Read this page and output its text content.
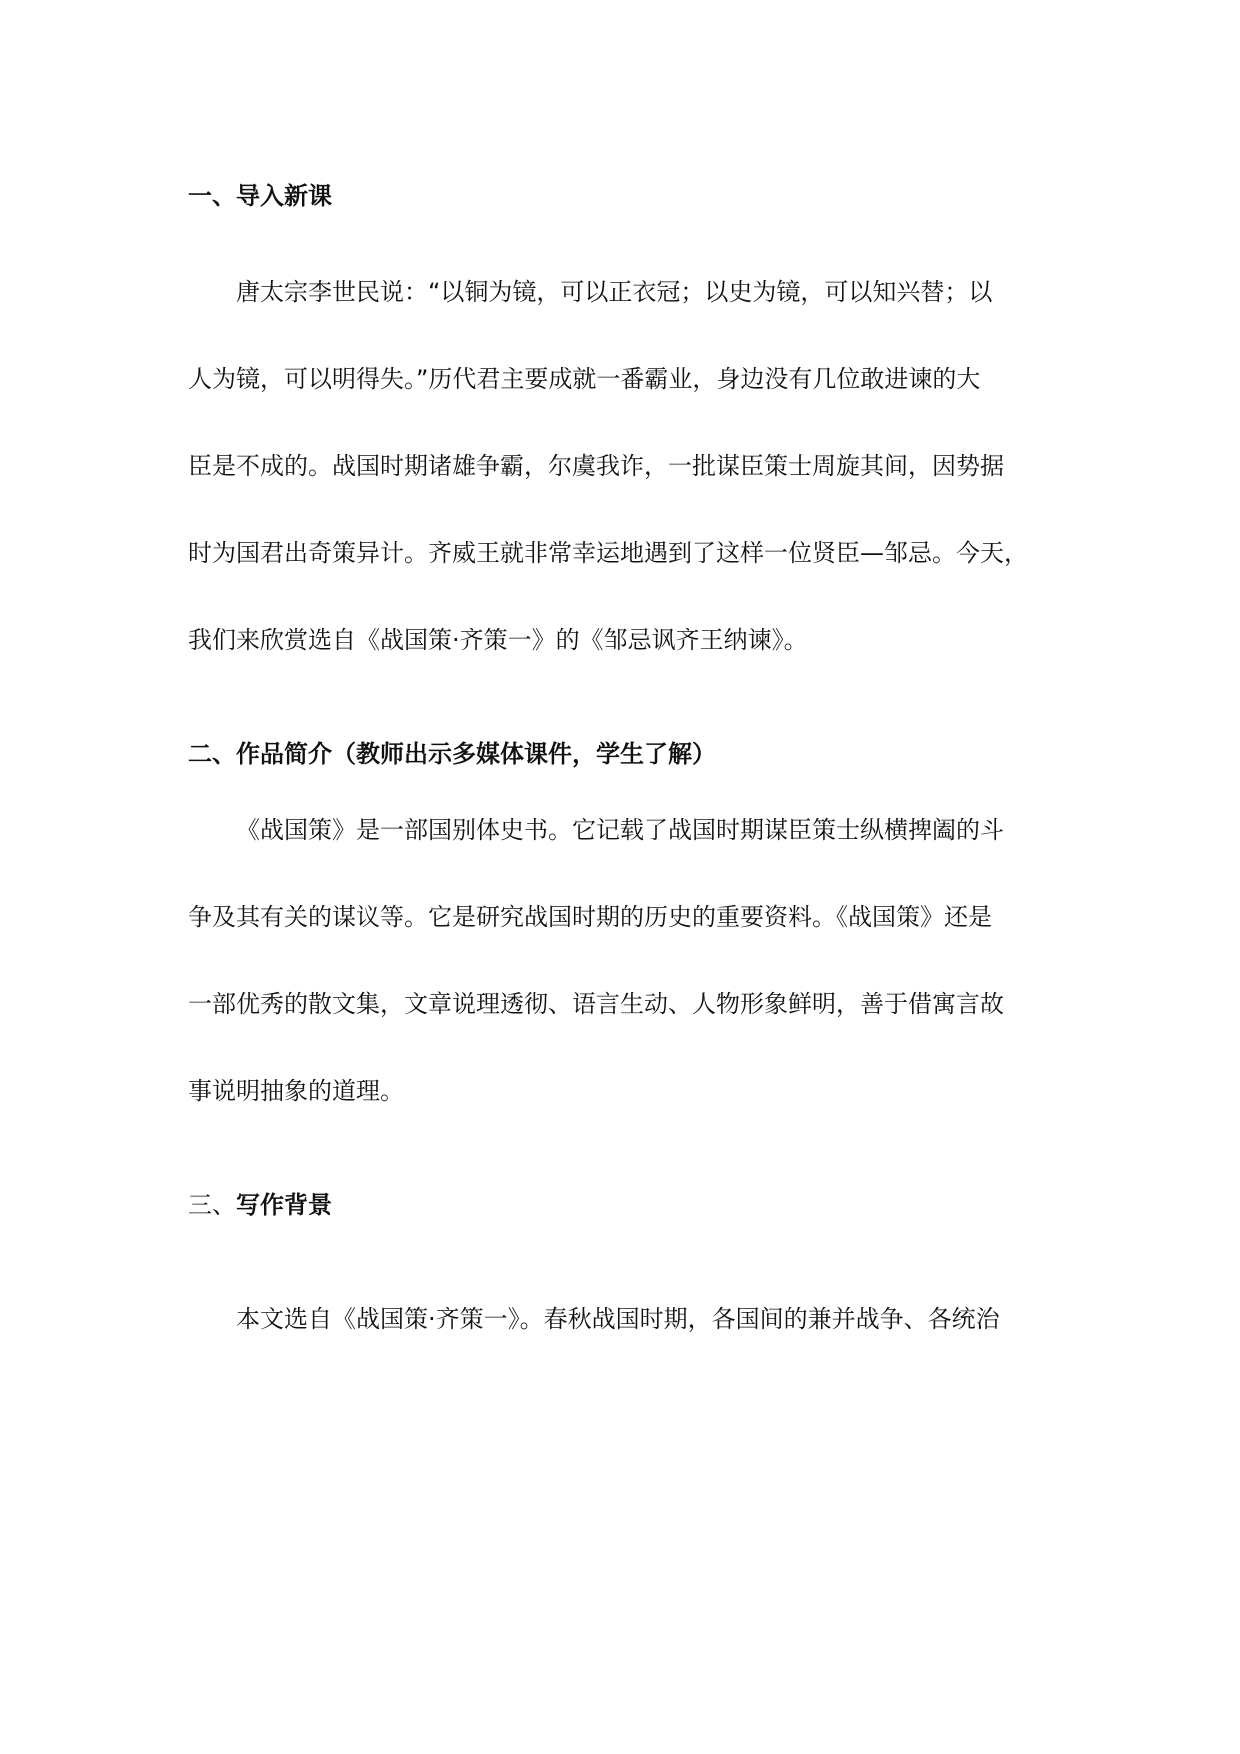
一、导入新课
唐太宗李世民说：“以铜为镜，可以正衣冠；以史为镜，可以知兴替；以
人为镜，可以明得失。”历代君主要成就一番霸业，身边没有几位敢进谏的大
臣是不成的。战国时期诸雄争霸，尔虞我诈，一批谋臣策士周旋其间，因势据
时为国君出奇策异计。齐威王就非常幸运地遇到了这样一位贤臣—邹忌。今天，
我们来欣赏选自《战国策·齐策一》的《邹忌讽齐王纳谏》。
二、作品简介（教师出示多媒体课件，学生了解）
《战国策》是一部国别体史书。它记载了战国时期谋臣策士纵横捭阖的斗
争及其有关的谋议等。它是研究战国时期的历史的重要资料。《战国策》还是
一部优秀的散文集，文章说理透彻、语言生动、人物形象鲜明，善于借寓言故
事说明抽象的道理。
三、写作背景
本文选自《战国策·齐策一》。春秋战国时期，各国间的兼并战争、各统治
